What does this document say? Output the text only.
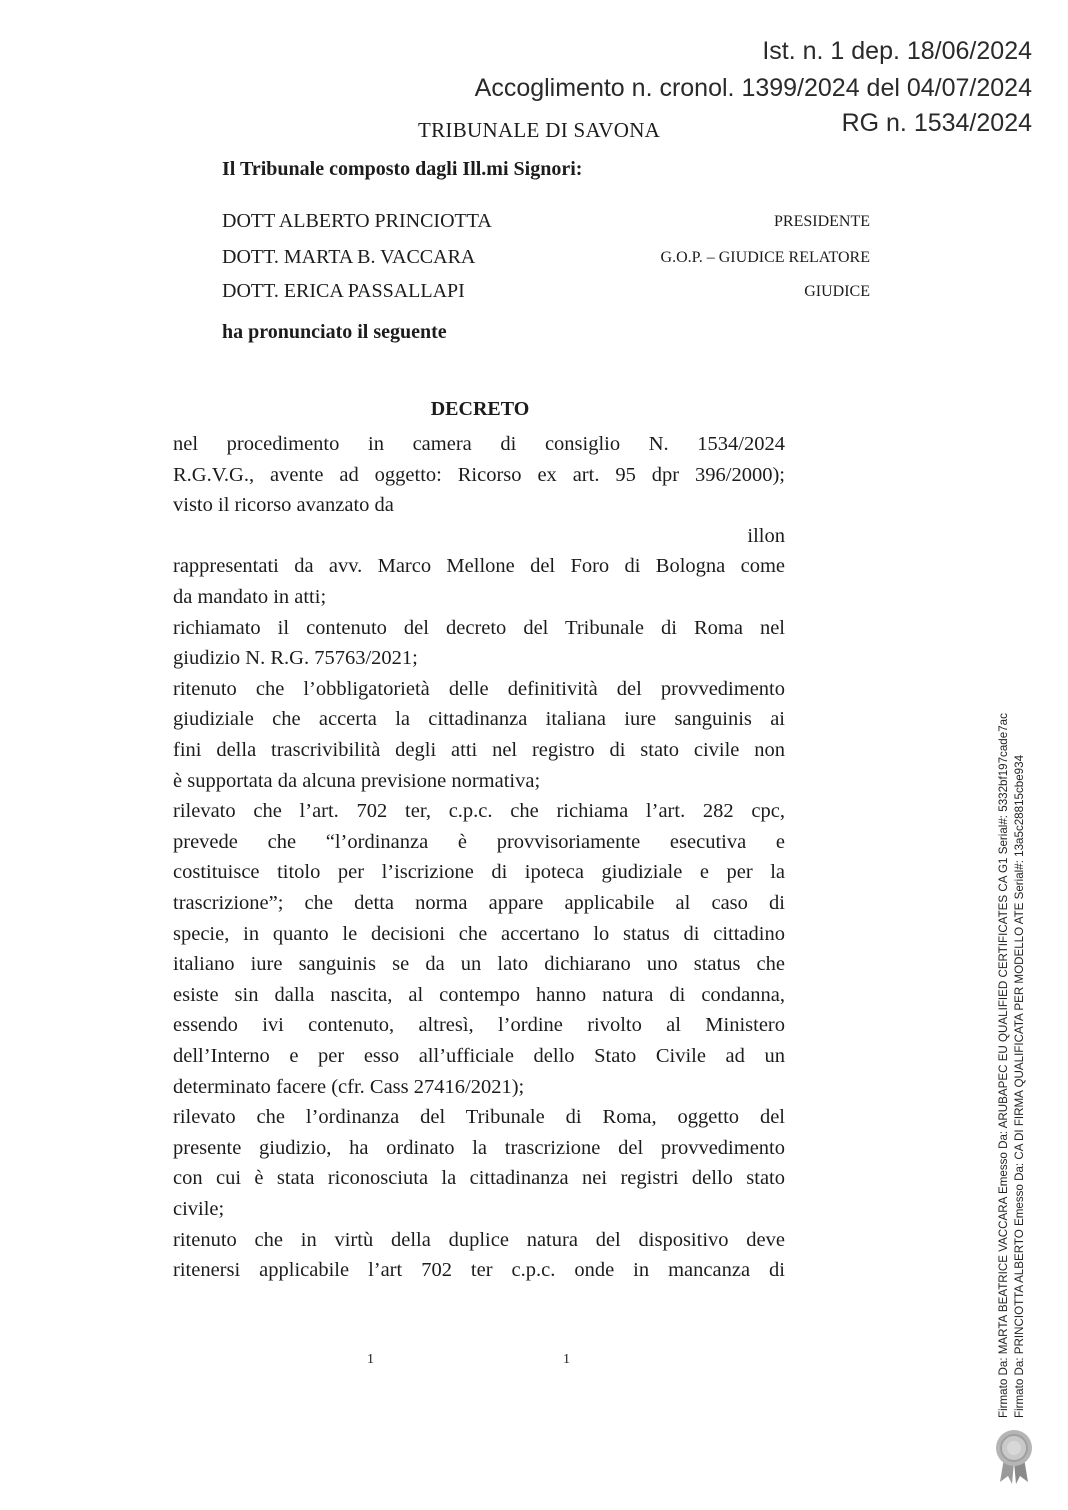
Ist. n. 1 dep. 18/06/2024
Accoglimento n. cronol. 1399/2024 del 04/07/2024
RG n. 1534/2024
TRIBUNALE DI SAVONA
Il Tribunale composto dagli Ill.mi Signori:
DOTT ALBERTO PRINCIOTTA	PRESIDENTE
DOTT. MARTA B. VACCARA	G.O.P. – GIUDICE RELATORE
DOTT. ERICA PASSALLAPI	GIUDICE
ha pronunciato il seguente
DECRETO
nel procedimento in camera di consiglio N. 1534/2024
R.G.V.G., avente ad oggetto: Ricorso ex art. 95 dpr 396/2000);
visto il ricorso avanzato da
illon
rappresentati da avv. Marco Mellone del Foro di Bologna come
da mandato in atti;
richiamato il contenuto del decreto del Tribunale di Roma nel
giudizio N. R.G. 75763/2021;
ritenuto che l’obbligatorietà delle definitività del provvedimento
giudiziale che accerta la cittadinanza italiana iure sanguinis ai
fini della trascrivibilità degli atti nel registro di stato civile non
è supportata da alcuna previsione normativa;
rilevato che l’art. 702 ter, c.p.c. che richiama l’art. 282 cpc,
prevede che “l’ordinanza è provvisoriamente esecutiva e
costituisce titolo per l’iscrizione di ipoteca giudiziale e per la
trascrizione”; che detta norma appare applicabile al caso di
specie, in quanto le decisioni che accertano lo status di cittadino
italiano iure sanguinis se da un lato dichiarano uno status che
esiste sin dalla nascita, al contempo hanno natura di condanna,
essendo ivi contenuto, altresì, l’ordine rivolto al Ministero
dell’Interno e per esso all’ufficiale dello Stato Civile ad un
determinato facere (cfr. Cass 27416/2021);
rilevato che l’ordinanza del Tribunale di Roma, oggetto del
presente giudizio, ha ordinato la trascrizione del provvedimento
con cui è stata riconosciuta la cittadinanza nei registri dello stato
civile;
ritenuto che in virtù della duplice natura del dispositivo deve
ritenersi applicabile l’art 702 ter c.p.c. onde in mancanza di
1	1	Firmato Da: MARTA BEATRICE VACCARA Emesso Da: ARUBAPEC EU QUALIFIED CERTIFICATES CA G1 Serial#: 5332bf197cade7ac Firmato Da: PRINCIOTTA ALBERTO Emesso Da: CA DI FIRMA QUALIFICATA PER MODELLO ATE Serial#: 13a5c28815cbe934
